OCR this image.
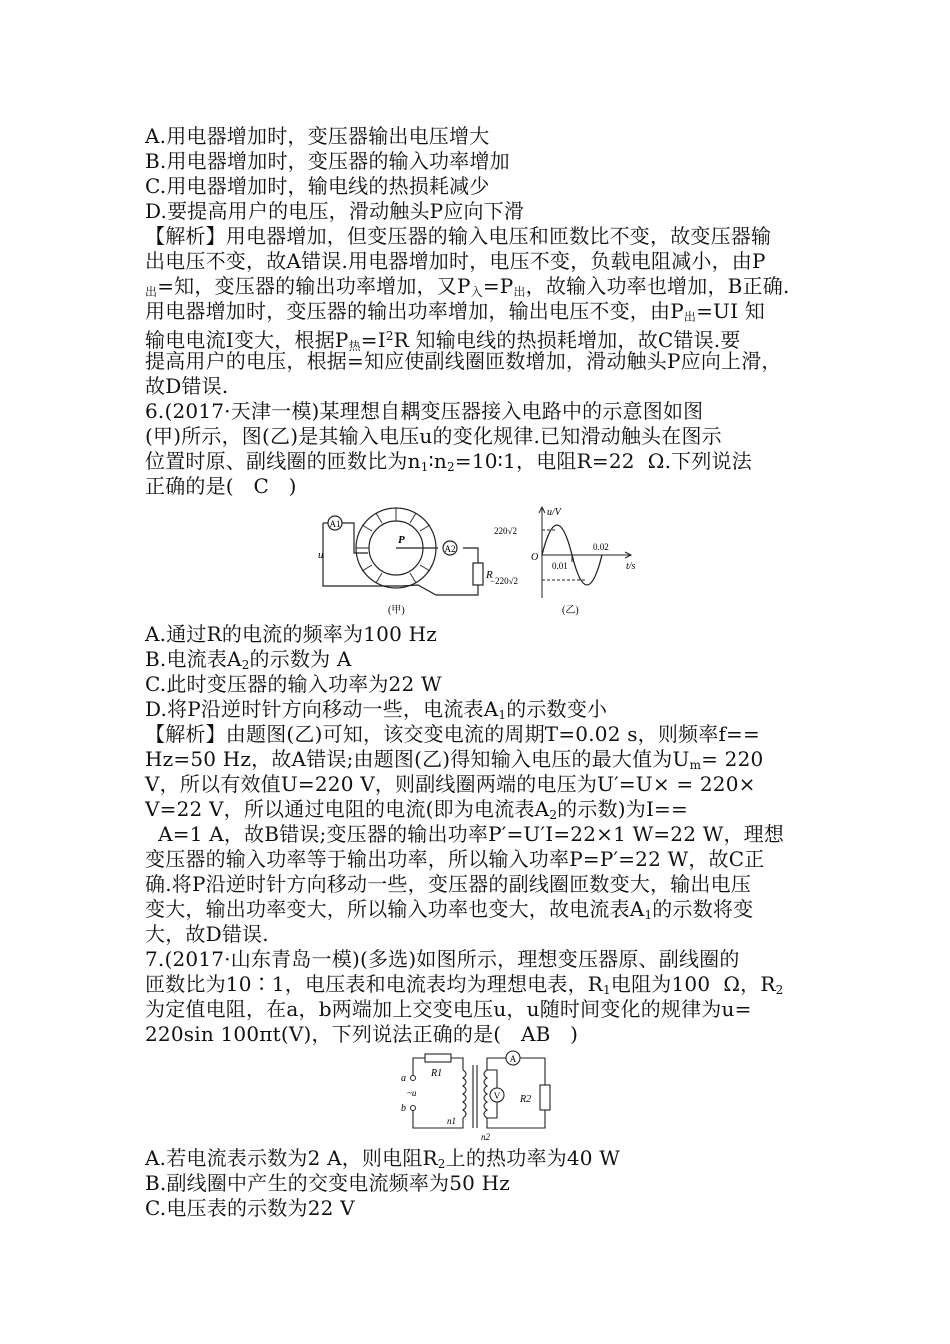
A.用电器增加时，变压器输出电压增大
B.用电器增加时，变压器的输入功率增加
C.用电器增加时，输电线的热损耗减少
D.要提高用户的电压，滑动触头P应向下滑
【解析】用电器增加，但变压器的输入电压和匝数比不变，故变压器输
出电压不变，故A错误.用电器增加时，电压不变，负载电阻减小，由P
$_出$=知，变压器的输出功率增加，又$P_入=P_出$，故输入功率也增加，B正确.
用电器增加时，变压器的输出功率增加，输出电压不变，由$P_出=UI$ 知
输电电流I变大，根据$P_热=I^2R$ 知输电线的热损耗增加，故C错误.要
提高用户的电压，根据=知应使副线圈匝数增加，滑动触头P应向上滑，
故D错误.
6.(2017·天津一模)某理想自耦变压器接入电路中的示意图如图
(甲)所示，图(乙)是其输入电压u的变化规律.已知滑动触头在图示
位置时原、副线圈的匝数比为$n_1∶n_2=10∶1$，电阻R=22  Ω.下列说法
正确的是(   C   )
A1
A2
u
P
R
(甲)
u/V
t/s
220√2
−220√2
O
0.01
0.02
(乙)
A.通过R的电流的频率为100 Hz
B.电流表$A_2$的示数为 A
C.此时变压器的输入功率为22 W
D.将P沿逆时针方向移动一些，电流表$A_1$的示数变小
【解析】由题图(乙)可知，该交变电流的周期T=0.02 s，则频率f==
Hz=50 Hz，故A错误;由题图(乙)得知输入电压的最大值为$U_m= 220$
V，所以有效值U=220 V，则副线圈两端的电压为U′=U× = 220×
V=22 V，所以通过电阻的电流(即为电流表$A_2$的示数)为I==
A=1 A，故B错误;变压器的输出功率P′=U′I=22×1 W=22 W，理想
变压器的输入功率等于输出功率，所以输入功率P=P′=22 W，故C正
确.将P沿逆时针方向移动一些，变压器的副线圈匝数变大，输出电压
变大，输出功率变大，所以输入功率也变大，故电流表$A_1$的示数将变
大，故D错误.
7.(2017·山东青岛一模)(多选)如图所示，理想变压器原、副线圈的
匝数比为10∶1，电压表和电流表均为理想电表，$R_1$电阻为100  Ω，$R_2$
为定值电阻，在a，b两端加上交变电压u，u随时间变化的规律为u=
220sin 100πt(V)，下列说法正确的是(   AB   )
A
V
a
b
~u
R1
R2
n1
n2
A.若电流表示数为2 A，则电阻$R_2$上的热功率为40 W
B.副线圈中产生的交变电流频率为50 Hz
C.电压表的示数为22 V
